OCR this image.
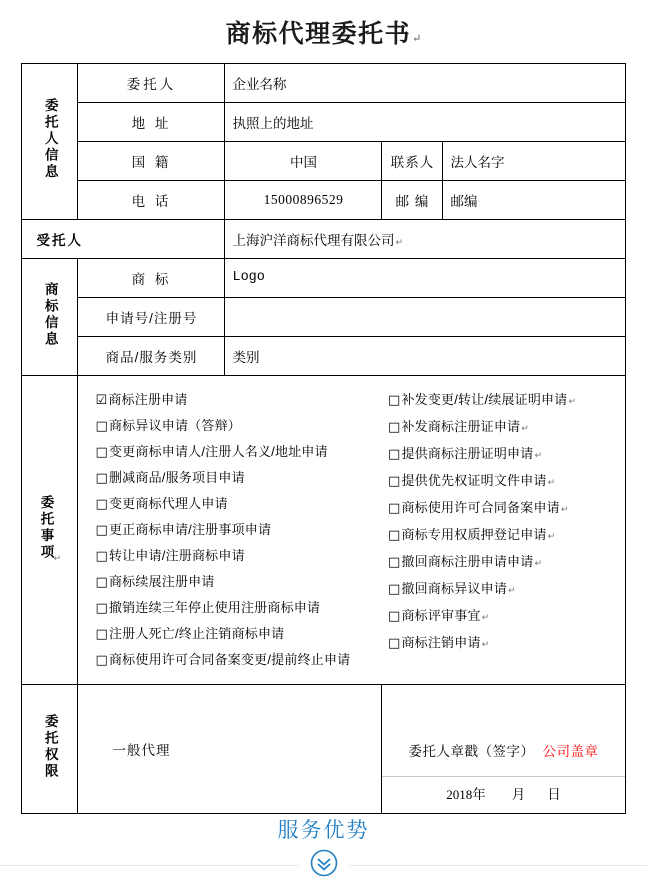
商标代理委托书↵
委托人信息	委托人	企业名称		
	地 址	执照上的地址		
	国 籍	中国	联系人	法人名字
	电 话	15000896529	邮 编	邮编
受托人		上海沪洋商标代理有限公司↵		
商标信息	商 标	Logo		
	申请号/注册号			
	商品/服务类别	类别		
委托事项↵	
☑商标注册申请
□商标异议申请（答辩）
□变更商标申请人/注册人名义/地址申请
□删减商品/服务项目申请
□变更商标代理人申请
□更正商标申请/注册事项申请
□转让申请/注册商标申请
□商标续展注册申请
□撤销连续三年停止使用注册商标申请
□注册人死亡/终止注销商标申请
□商标使用许可合同备案变更/提前终止申请
□补发变更/转让/续展证明申请↵
□补发商标注册证申请↵
□提供商标注册证明申请↵
□提供优先权证明文件申请↵
□商标使用许可合同备案申请↵
□商标专用权质押登记申请↵
□撤回商标注册申请申请↵
□撤回商标异议申请↵
□商标评审事宜↵
□商标注销申请↵

委托权限	一般代理		委托人章戳（签字） 公司盖章
2018年 月 日	
服务优势
